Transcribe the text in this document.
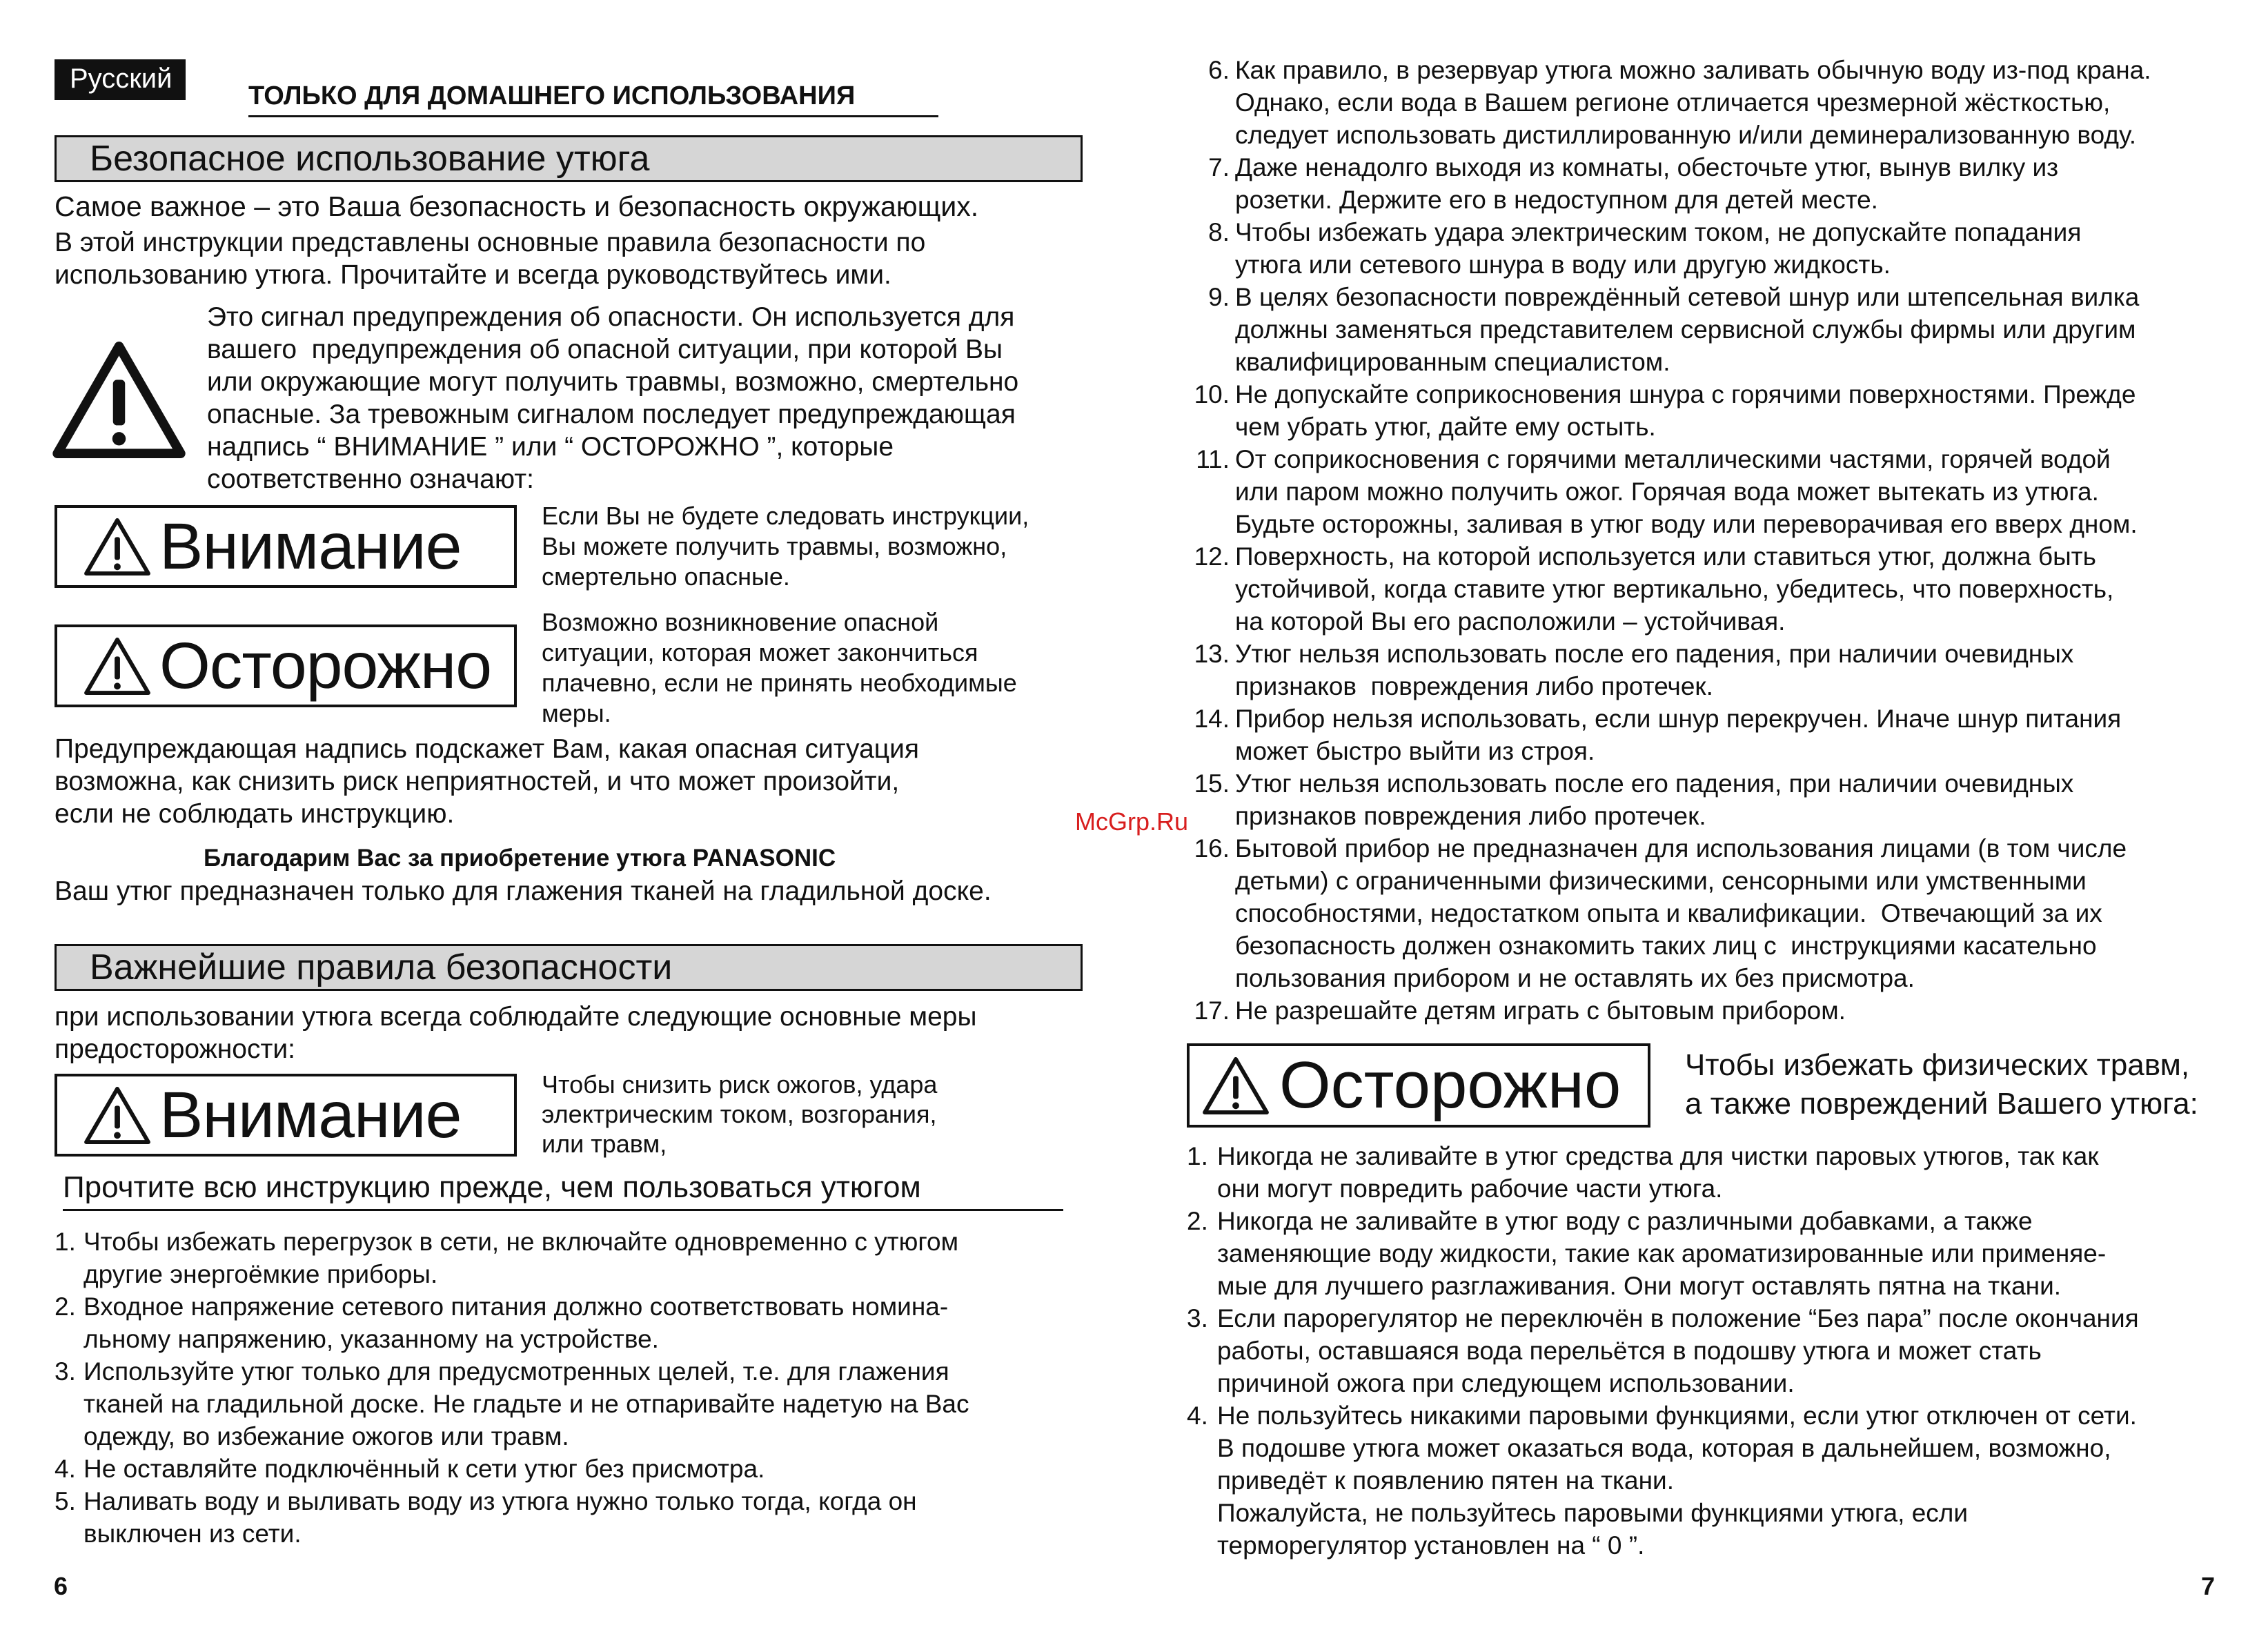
Русский
ТОЛЬКО ДЛЯ ДОМАШНЕГО ИСПОЛЬЗОВАНИЯ
Безопасное использование утюга
Самое важное – это Ваша безопасность и безопасность окружающих.
В этой инструкции представлены основные правила безопасности по
использованию утюга. Прочитайте и всегда руководствуйтесь ими.
Это сигнал предупреждения об опасности. Он используется для
вашего  предупреждения об опасной ситуации, при которой Вы
или окружающие могут получить травмы, возможно, смертельно
опасные. За тревожным сигналом последует предупреждающая
надпись “ ВНИМАНИЕ ” или “ ОСТОРОЖНО ”, которые
соответственно означают:
Внимание	Если Вы не будете следовать инструкции,
Вы можете получить травмы, возможно,
смертельно опасные.
Осторожно
Возможно возникновение опасной
ситуации, которая может закончиться
плачевно, если не принять необходимые
меры.
Предупреждающая надпись подскажет Вам, какая опасная ситуация
возможна, как снизить риск неприятностей, и что может произойти,
если не соблюдать инструкцию.
Благодарим Вас за приобретение утюга PANASONIC
Ваш утюг предназначен только для глажения тканей на гладильной доске.
Важнейшие правила безопасности
при использовании утюга всегда соблюдайте следующие основные меры
предосторожности:
Внимание	Чтобы снизить риск ожогов, удара
электрическим током, возгорания,
или травм,
Прочтите всю инструкцию прежде, чем пользоваться утюгом
1. Чтобы избежать перегрузок в сети, не включайте одновременно с утюгом
другие энергоёмкие приборы.
2. Входное напряжение сетевого питания должно соответствовать номина-
льному напряжению, указанному на устройстве.
3. Используйте утюг только для предусмотренных целей, т.е. для глажения
тканей на гладильной доске. Не гладьте и не отпаривайте надетую на Вас
одежду, во избежание ожогов или травм.
4. Не оставляйте подключённый к сети утюг без присмотра.
5. Наливать воду и выливать воду из утюга нужно только тогда, когда он
выключен из сети.
6
6. Как правило, в резервуар утюга можно заливать обычную воду из-под крана.
Однако, если вода в Вашем регионе отличается чрезмерной жёсткостью,
следует использовать дистиллированную и/или деминерализованную воду.
7. Даже ненадолго выходя из комнаты, обесточьте утюг, вынув вилку из
розетки. Держите его в недоступном для детей месте.
8. Чтобы избежать удара электрическим током, не допускайте попадания
утюга или сетевого шнура в воду или другую жидкость.
9. В целях безопасности повреждённый сетевой шнур или штепсельная вилка
должны заменяться представителем сервисной службы фирмы или другим
квалифицированным специалистом.
10. Не допускайте соприкосновения шнура с горячими поверхностями. Прежде
чем убрать утюг, дайте ему остыть.
11. От соприкосновения с горячими металлическими частями, горячей водой
или паром можно получить ожог. Горячая вода может вытекать из утюга.
Будьте осторожны, заливая в утюг воду или переворачивая его вверх дном.
12. Поверхность, на которой используется или ставиться утюг, должна быть
устойчивой, когда ставите утюг вертикально, убедитесь, что поверхность,
на которой Вы его расположили – устойчивая.
13. Утюг нельзя использовать после его падения, при наличии очевидных
признаков  повреждения либо протечек.
14. Прибор нельзя использовать, если шнур перекручен. Иначе шнур питания
может быстро выйти из строя.
15. Утюг нельзя использовать после его падения, при наличии очевидных
признаков повреждения либо протечек.
16. Бытовой прибор не предназначен для использования лицами (в том числе
детьми) с ограниченными физическими, сенсорными или умственными
способностями, недостатком опыта и квалификации.  Отвечающий за их
безопасность должен ознакомить таких лиц с  инструкциями касательно
пользования прибором и не оставлять их без присмотра.
17. Не разрешайте детям играть с бытовым прибором.
Осторожно Чтобы избежать физических травм,
а также повреждений Вашего утюга:
1. Никогда не заливайте в утюг средства для чистки паровых утюгов, так как
они могут повредить рабочие части утюга.
2. Никогда не заливайте в утюг воду с различными добавками, а также
заменяющие воду жидкости, такие как ароматизированные или применяе-
мые для лучшего разглаживания. Они могут оставлять пятна на ткани.
3. Если парорегулятор не переключён в положение “Без пара” после окончания
работы, оставшаяся вода перельётся в подошву утюга и может стать
причиной ожога при следующем использовании.
4. Не пользуйтесь никакими паровыми функциями, если утюг отключен от сети.
В подошве утюга может оказаться вода, которая в дальнейшем, возможно,
приведёт к появлению пятен на ткани.
Пожалуйста, не пользуйтесь паровыми функциями утюга, если
терморегулятор установлен на “ 0 ”.
7
McGrp.Ru
